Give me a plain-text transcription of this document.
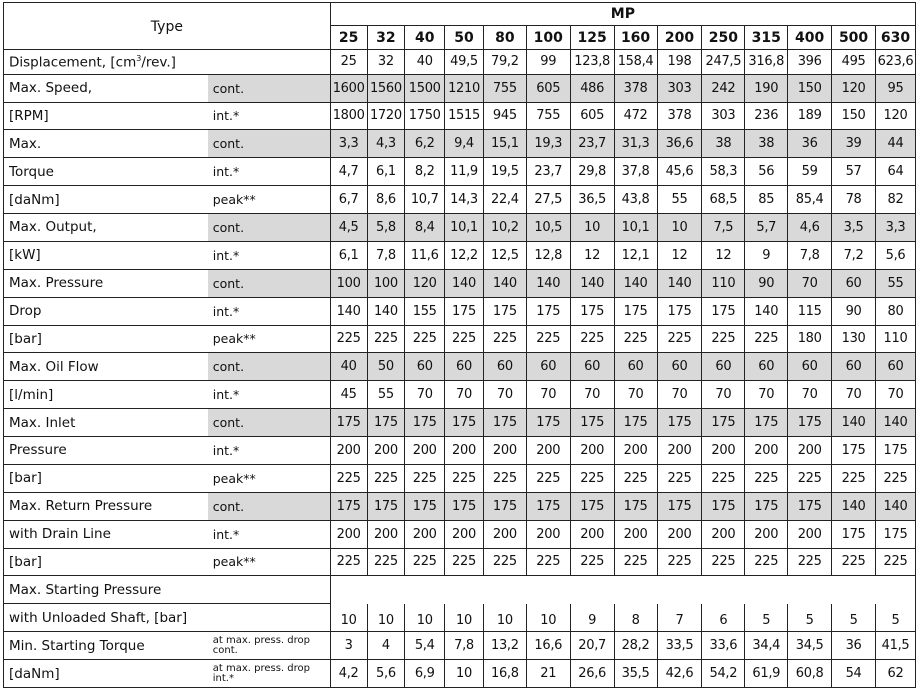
Type		MP													
		25	32	40	50	80	100	125	160	200	250	315	400	500	630
Displacement, $[cm^3/rev.]$		25	32	40	49,5	79,2	99	123,8	158,4	198	247,5	316,8	396	495	623,6
Max. Speed,	cont.	1600	1560	1500	1210	755	605	486	378	303	242	190	150	120	95
[RPM]	int.*	1800	1720	1750	1515	945	755	605	472	378	303	236	189	150	120
Max.	cont.	3,3	4,3	6,2	9,4	15,1	19,3	23,7	31,3	36,6	38	38	36	39	44
Torque	int.*	4,7	6,1	8,2	11,9	19,5	23,7	29,8	37,8	45,6	58,3	56	59	57	64
[daNm]	peak**	6,7	8,6	10,7	14,3	22,4	27,5	36,5	43,8	55	68,5	85	85,4	78	82
Max. Output,	cont.	4,5	5,8	8,4	10,1	10,2	10,5	10	10,1	10	7,5	5,7	4,6	3,5	3,3
[kW]	int.*	6,1	7,8	11,6	12,2	12,5	12,8	12	12,1	12	12	9	7,8	7,2	5,6
Max. Pressure	cont.	100	100	120	140	140	140	140	140	140	110	90	70	60	55
Drop	int.*	140	140	155	175	175	175	175	175	175	175	140	115	90	80
[bar]	peak**	225	225	225	225	225	225	225	225	225	225	225	180	130	110
Max. Oil Flow	cont.	40	50	60	60	60	60	60	60	60	60	60	60	60	60
[l/min]	int.*	45	55	70	70	70	70	70	70	70	70	70	70	70	70
Max. Inlet	cont.	175	175	175	175	175	175	175	175	175	175	175	175	140	140
Pressure	int.*	200	200	200	200	200	200	200	200	200	200	200	200	175	175
[bar]	peak**	225	225	225	225	225	225	225	225	225	225	225	225	225	225
Max. Return Pressure	cont.	175	175	175	175	175	175	175	175	175	175	175	175	140	140
with Drain Line	int.*	200	200	200	200	200	200	200	200	200	200	200	200	175	175
[bar]	peak**	225	225	225	225	225	225	225	225	225	225	225	225	225	225
Max. Starting Pressure															
with Unloaded Shaft, [bar]		10	10	10	10	10	10	9	8	7	6	5	5	5	5
Min. Starting Torque	at max. press. drop cont.	3	4	5,4	7,8	13,2	16,6	20,7	28,2	33,5	33,6	34,4	34,5	36	41,5
[daNm]	at max. press. drop int.*	4,2	5,6	6,9	10	16,8	21	26,6	35,5	42,6	54,2	61,9	60,8	54	62
